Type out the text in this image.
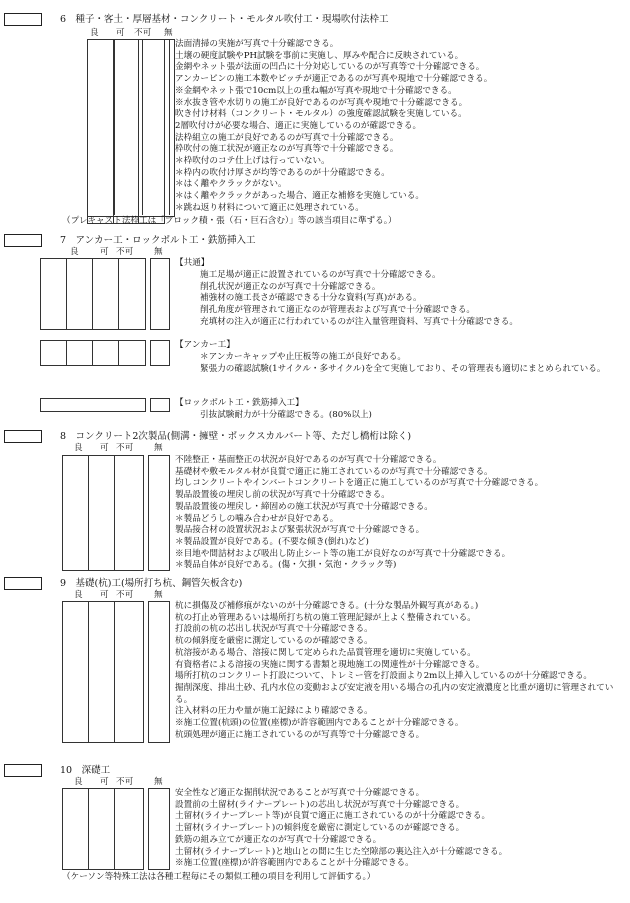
6　種子・客土・厚層基材・コンクリート・モルタル吹付工・現場吹付法枠工
良 可 不可 無

法面清掃の実施が写真で十分確認できる。
土壌の硬度試験やPH試験を事前に実施し、厚みや配合に反映されている。
金網やネット張が法面の凹凸に十分対応しているのが写真等で十分確認できる。
アンカーピンの施工本数やピッチが適正であるのが写真や現地で十分確認できる。
※金網やネット張で10cm以上の重ね幅が写真や現地で十分確認できる。
※水抜き管や水切りの施工が良好であるのが写真や現地で十分確認できる。
吹き付け材料（コンクリート・モルタル）の強度確認試験を実施している。
2層吹付けが必要な場合、適正に実施しているのが確認できる。
法枠組立の施工が良好であるのが写真で十分確認できる。
枠吹付の施工状況が適正なのが写真等で十分確認できる。
＊枠吹付のコテ仕上げは行っていない。
＊枠内の吹付け厚さが均等であるのが十分確認できる。
＊はく離やクラックがない。
＊はく離やクラックがあった場合、適正な補修を実施している。
＊跳ね返り材料について適正に処理されている。
（プレキャスト法枠工は「ブロック積・張（石・巨石含む）」等の該当項目に準ずる。）
7　アンカー工・ロックボルト工・鉄筋挿入工
良 可 不可 無
【共通】
施工足場が適正に設置されているのが写真で十分確認できる。
削孔状況が適正なのが写真で十分確認できる。
補強材の施工長さが確認できる十分な資料(写真)がある。
削孔角度が管理されて適正なのが管理表および写真で十分確認できる。
充填材の注入が適正に行われているのが注入量管理資料、写真で十分確認できる。
【アンカー工】
＊アンカーキャップや止圧板等の施工が良好である。
緊張力の確認試験(1サイクル・多サイクル)を全て実施しており、その管理表も適切にまとめられている。
【ロックボルト工・鉄筋挿入工】
引抜試験耐力が十分確認できる。(80%以上)
8　コンクリート2次製品(側溝・擁壁・ボックスカルバート等、ただし橋桁は除く)
良 可 不可 無
不陸整正・基面整正の状況が良好であるのが写真で十分確認できる。
基礎材や敷モルタル材が良質で適正に施工されているのが写真で十分確認できる。
均しコンクリートやインバートコンクリートを適正に施工しているのが写真で十分確認できる。
製品設置後の埋戻し前の状況が写真で十分確認できる。
製品設置後の埋戻し・締固めの施工状況が写真で十分確認できる。
＊製品どうしの噛み合わせが良好である。
製品接合材の設置状況および緊張状況が写真で十分確認できる。
＊製品設置が良好である。(不要な傾き(倒れ)など)
※目地や間詰材および吸出し防止シート等の施工が良好なのが写真で十分確認できる。
＊製品自体が良好である。(傷・欠損・気泡・クラック等)
9　基礎(杭)工(場所打ち杭、鋼管矢板含む)
良 可 不可 無
杭に損傷及び補修痕がないのが十分確認できる。(十分な製品外観写真がある。)
杭の打止め管理あるいは場所打ち杭の施工管理記録が上よく整備されている。
打設前の杭の芯出し状況が写真で十分確認できる。
杭の傾斜度を厳密に測定しているのが確認できる。
杭溶接がある場合、溶接に関して定められた品質管理を適切に実施している。
有資格者による溶接の実施に関する書類と現地施工の関連性が十分確認できる。
場所打杭のコンクリート打設について、トレミー管を打設面より2m以上挿入しているのが十分確認できる。
掘削深度、排出土砂、孔内水位の変動および安定液を用いる場合の孔内の安定液濃度と比重が適切に管理されている。
注入材料の圧力や量が施工記録により確認できる。
※施工位置(杭頭)の位置(座標)が許容範囲内であることが十分確認できる。
杭頭処理が適正に施工されているのが写真等で十分確認できる。
10　深礎工
良 可 不可 無
安全性など適正な掘削状況であることが写真で十分確認できる。
設置前の土留材(ライナープレート)の芯出し状況が写真で十分確認できる。
土留材(ライナープレート等)が良質で適正に施工されているのが十分確認できる。
土留材(ライナープレート)の傾斜度を厳密に測定しているのが確認できる。
鉄筋の組み立てが適正なのが写真で十分確認できる。
土留材(ライナープレート)と地山との間に生じた空隙部の裏込注入が十分確認できる。
※施工位置(座標)が許容範囲内であることが十分確認できる。
（ケーソン等特殊工法は各種工程毎にその類似工種の項目を利用して評価する。）
